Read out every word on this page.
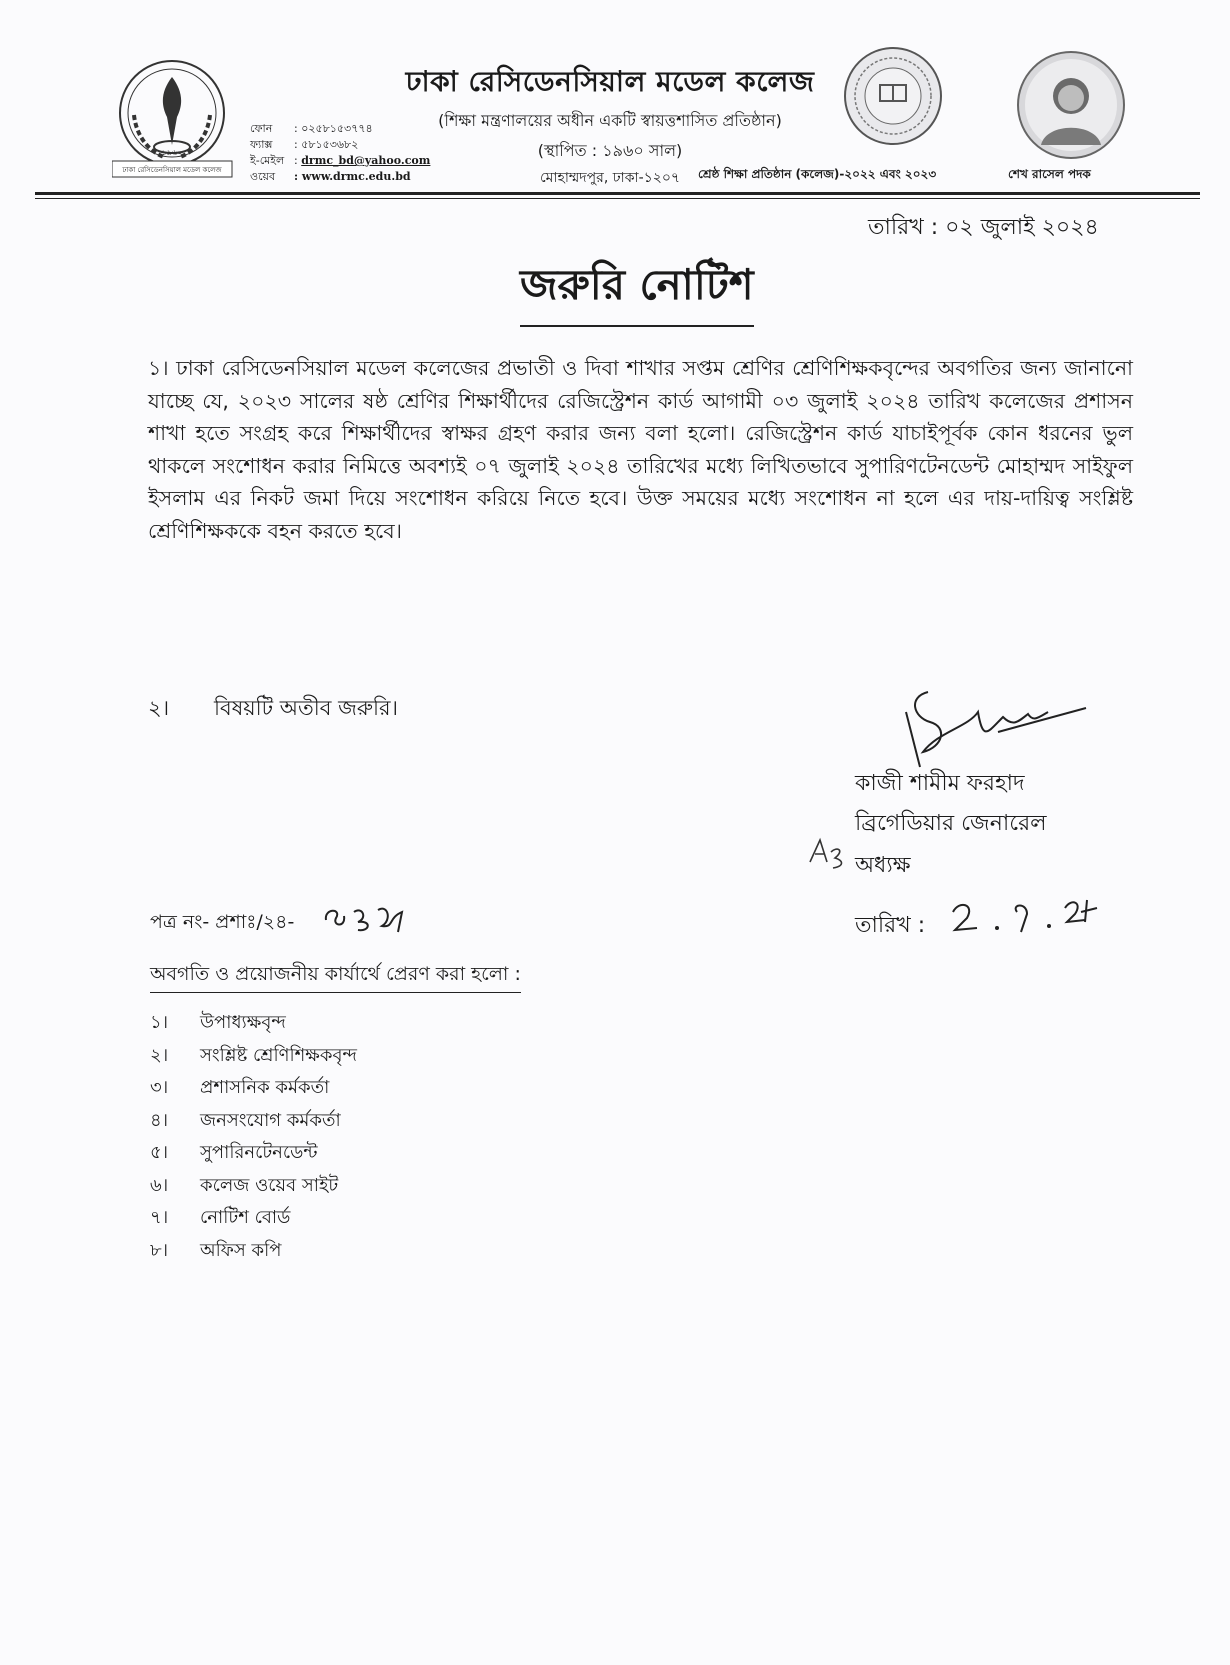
১৯৬০
ঢাকা রেসিডেনসিয়াল মডেল কলেজ
ফোন : ০২৫৮১৫৩৭৭৪
ফ্যাক্স : ৫৮১৫৩৬৮২
ই-মেইল : drmc_bd@yahoo.com
ওয়েব : www.drmc.edu.bd
ঢাকা রেসিডেনসিয়াল মডেল কলেজ
(শিক্ষা মন্ত্রণালয়ের অধীন একটি স্বায়ত্তশাসিত প্রতিষ্ঠান)
(স্থাপিত : ১৯৬০ সাল)
মোহাম্মদপুর, ঢাকা-১২০৭	শ্রেষ্ঠ শিক্ষা প্রতিষ্ঠান (কলেজ)-২০২২ এবং ২০২৩	শেখ রাসেল পদক
তারিখ : ০২ জুলাই ২০২৪
জরুরি নোটিশ
১। ঢাকা রেসিডেনসিয়াল মডেল কলেজের প্রভাতী ও দিবা শাখার সপ্তম শ্রেণির শ্রেণিশিক্ষকবৃন্দের অবগতির জন্য জানানো যাচ্ছে যে, ২০২৩ সালের ষষ্ঠ শ্রেণির শিক্ষার্থীদের রেজিস্ট্রেশন কার্ড আগামী ০৩ জুলাই ২০২৪ তারিখ কলেজের প্রশাসন শাখা হতে সংগ্রহ করে শিক্ষার্থীদের স্বাক্ষর গ্রহণ করার জন্য বলা হলো। রেজিস্ট্রেশন কার্ড যাচাইপূর্বক কোন ধরনের ভুল থাকলে সংশোধন করার নিমিত্তে অবশ্যই ০৭ জুলাই ২০২৪ তারিখের মধ্যে লিখিতভাবে সুপারিণটেনডেন্ট মোহাম্মদ সাইফুল ইসলাম এর নিকট জমা দিয়ে সংশোধন করিয়ে নিতে হবে। উক্ত সময়ের মধ্যে সংশোধন না হলে এর দায়-দায়িত্ব সংশ্লিষ্ট শ্রেণিশিক্ষককে বহন করতে হবে।
২। বিষয়টি অতীব জরুরি।
কাজী শামীম ফরহাদ
ব্রিগেডিয়ার জেনারেল
অধ্যক্ষ
তারিখ :
পত্র নং- প্রশাঃ/২৪-
অবগতি ও প্রয়োজনীয় কার্যার্থে প্রেরণ করা হলো :
১। উপাধ্যক্ষবৃন্দ
২। সংশ্লিষ্ট শ্রেণিশিক্ষকবৃন্দ
৩। প্রশাসনিক কর্মকর্তা
৪। জনসংযোগ কর্মকর্তা
৫। সুপারিনটেনডেন্ট
৬। কলেজ ওয়েব সাইট
৭। নোটিশ বোর্ড
৮। অফিস কপি
